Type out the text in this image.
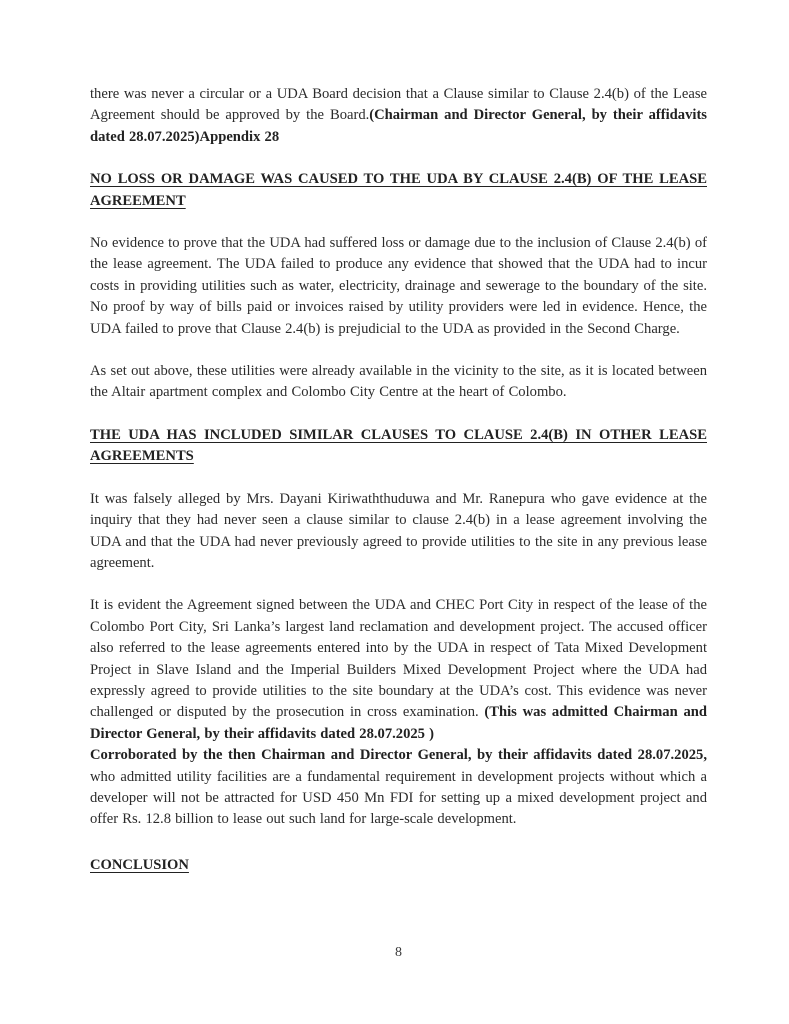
there was never a circular or a UDA Board decision that a Clause similar to Clause 2.4(b) of the Lease Agreement should be approved by the Board.(Chairman and Director General, by their affidavits dated 28.07.2025)Appendix 28

NO LOSS OR DAMAGE WAS CAUSED TO THE UDA BY CLAUSE 2.4(B) OF THE LEASE AGREEMENT

No evidence to prove that the UDA had suffered loss or damage due to the inclusion of Clause 2.4(b) of the lease agreement. The UDA failed to produce any evidence that showed that the UDA had to incur costs in providing utilities such as water, electricity, drainage and sewerage to the boundary of the site. No proof by way of bills paid or invoices raised by utility providers were led in evidence. Hence, the UDA failed to prove that Clause 2.4(b) is prejudicial to the UDA as provided in the Second Charge.

As set out above, these utilities were already available in the vicinity to the site, as it is located between the Altair apartment complex and Colombo City Centre at the heart of Colombo.

THE UDA HAS INCLUDED SIMILAR CLAUSES TO CLAUSE 2.4(B) IN OTHER LEASE AGREEMENTS

It was falsely alleged by Mrs. Dayani Kiriwaththuduwa and Mr. Ranepura who gave evidence at the inquiry that they had never seen a clause similar to clause 2.4(b) in a lease agreement involving the UDA and that the UDA had never previously agreed to provide utilities to the site in any previous lease agreement.

It is evident the Agreement signed between the UDA and CHEC Port City in respect of the lease of the Colombo Port City, Sri Lanka’s largest land reclamation and development project. The accused officer also referred to the lease agreements entered into by the UDA in respect of Tata Mixed Development Project in Slave Island and the Imperial Builders Mixed Development Project where the UDA had expressly agreed to provide utilities to the site boundary at the UDA’s cost. This evidence was never challenged or disputed by the prosecution in cross examination. (This was admitted Chairman and Director General, by their affidavits dated 28.07.2025 )

Corroborated by the then Chairman and Director General, by their affidavits dated 28.07.2025, who admitted utility facilities are a fundamental requirement in development projects without which a developer will not be attracted for USD 450 Mn FDI for setting up a mixed development project and offer Rs. 12.8 billion to lease out such land for large-scale development.

CONCLUSION
8
